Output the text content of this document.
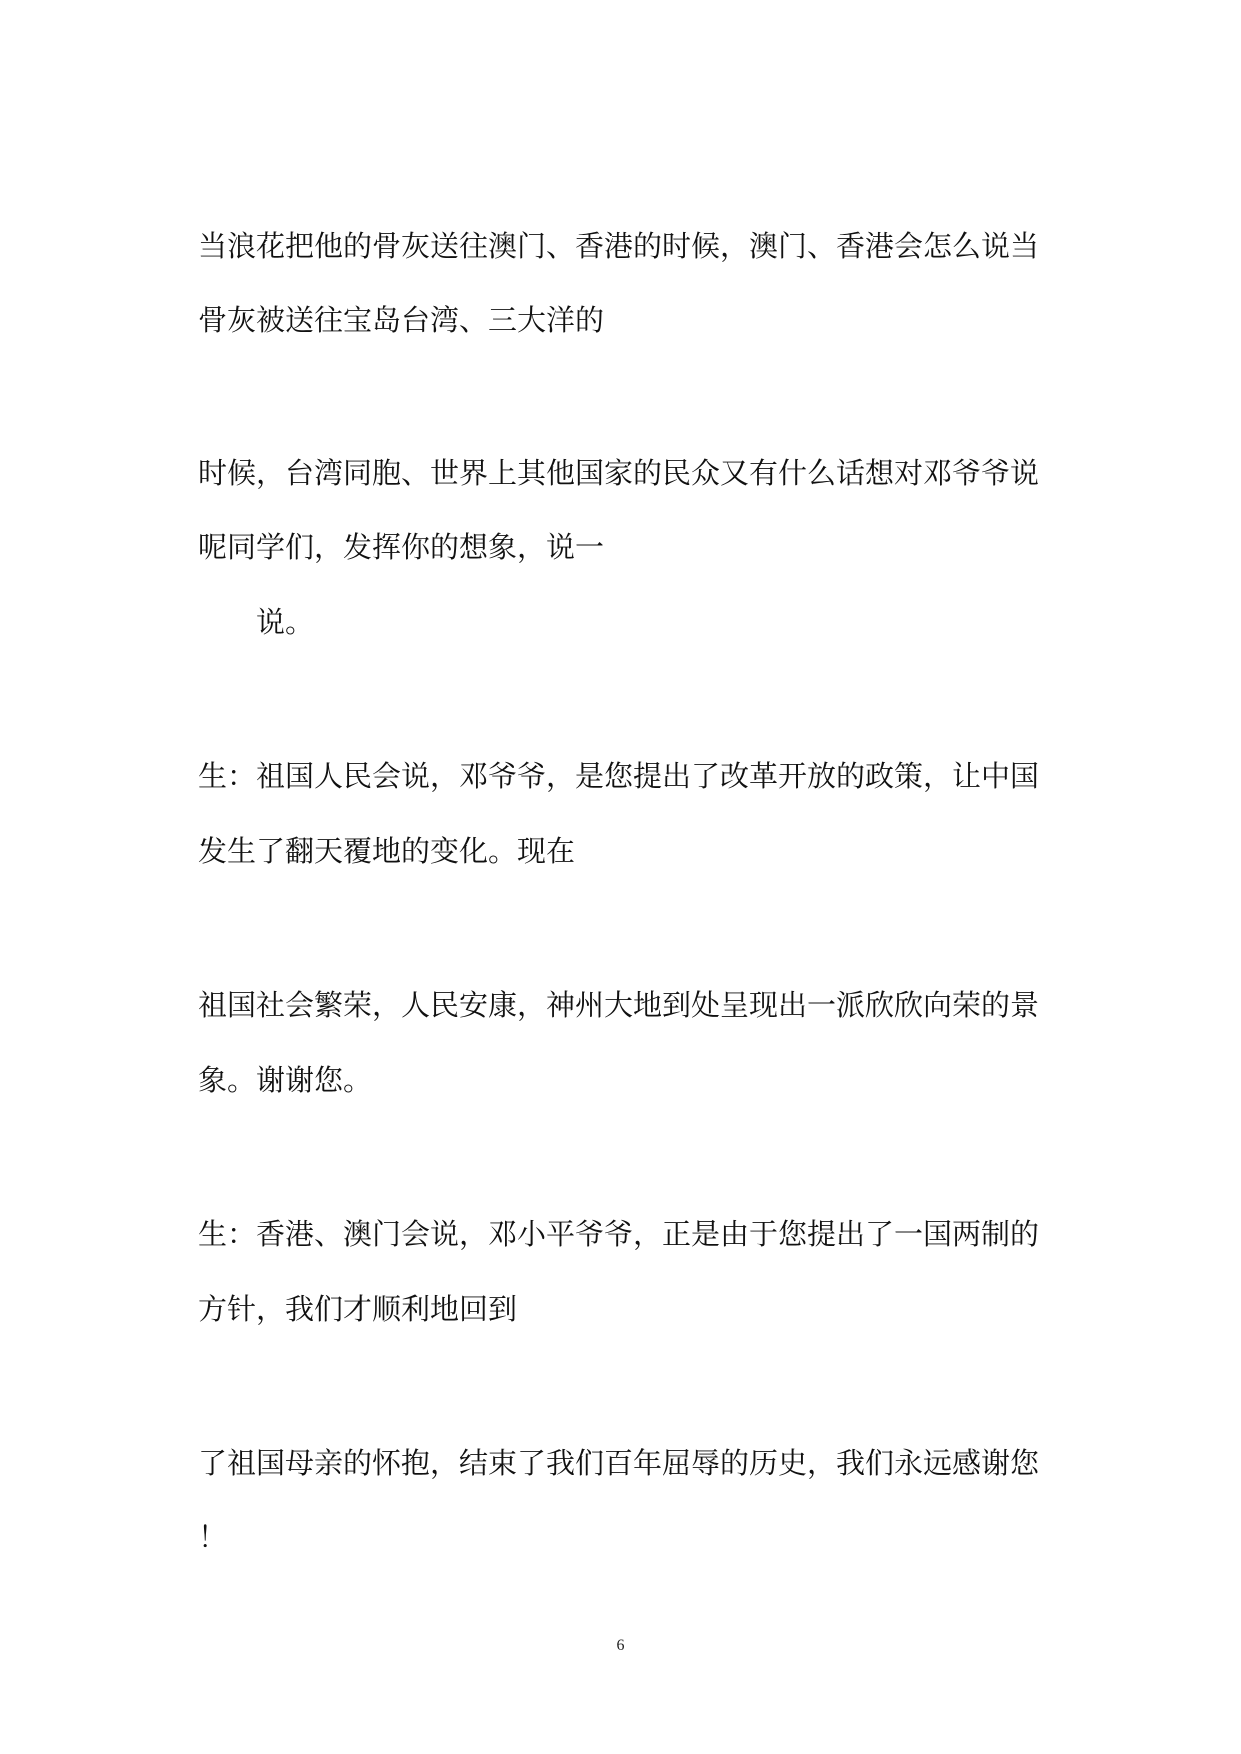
当浪花把他的骨灰送往澳门、香港的时候，澳门、香港会怎么说当
骨灰被送往宝岛台湾、三大洋的
时候，台湾同胞、世界上其他国家的民众又有什么话想对邓爷爷说
呢同学们，发挥你的想象，说一
说。
生：祖国人民会说，邓爷爷，是您提出了改革开放的政策，让中国
发生了翻天覆地的变化。现在
祖国社会繁荣，人民安康，神州大地到处呈现出一派欣欣向荣的景
象。谢谢您。
生：香港、澳门会说，邓小平爷爷，正是由于您提出了一国两制的
方针，我们才顺利地回到
了祖国母亲的怀抱，结束了我们百年屈辱的历史，我们永远感谢您
！
6
